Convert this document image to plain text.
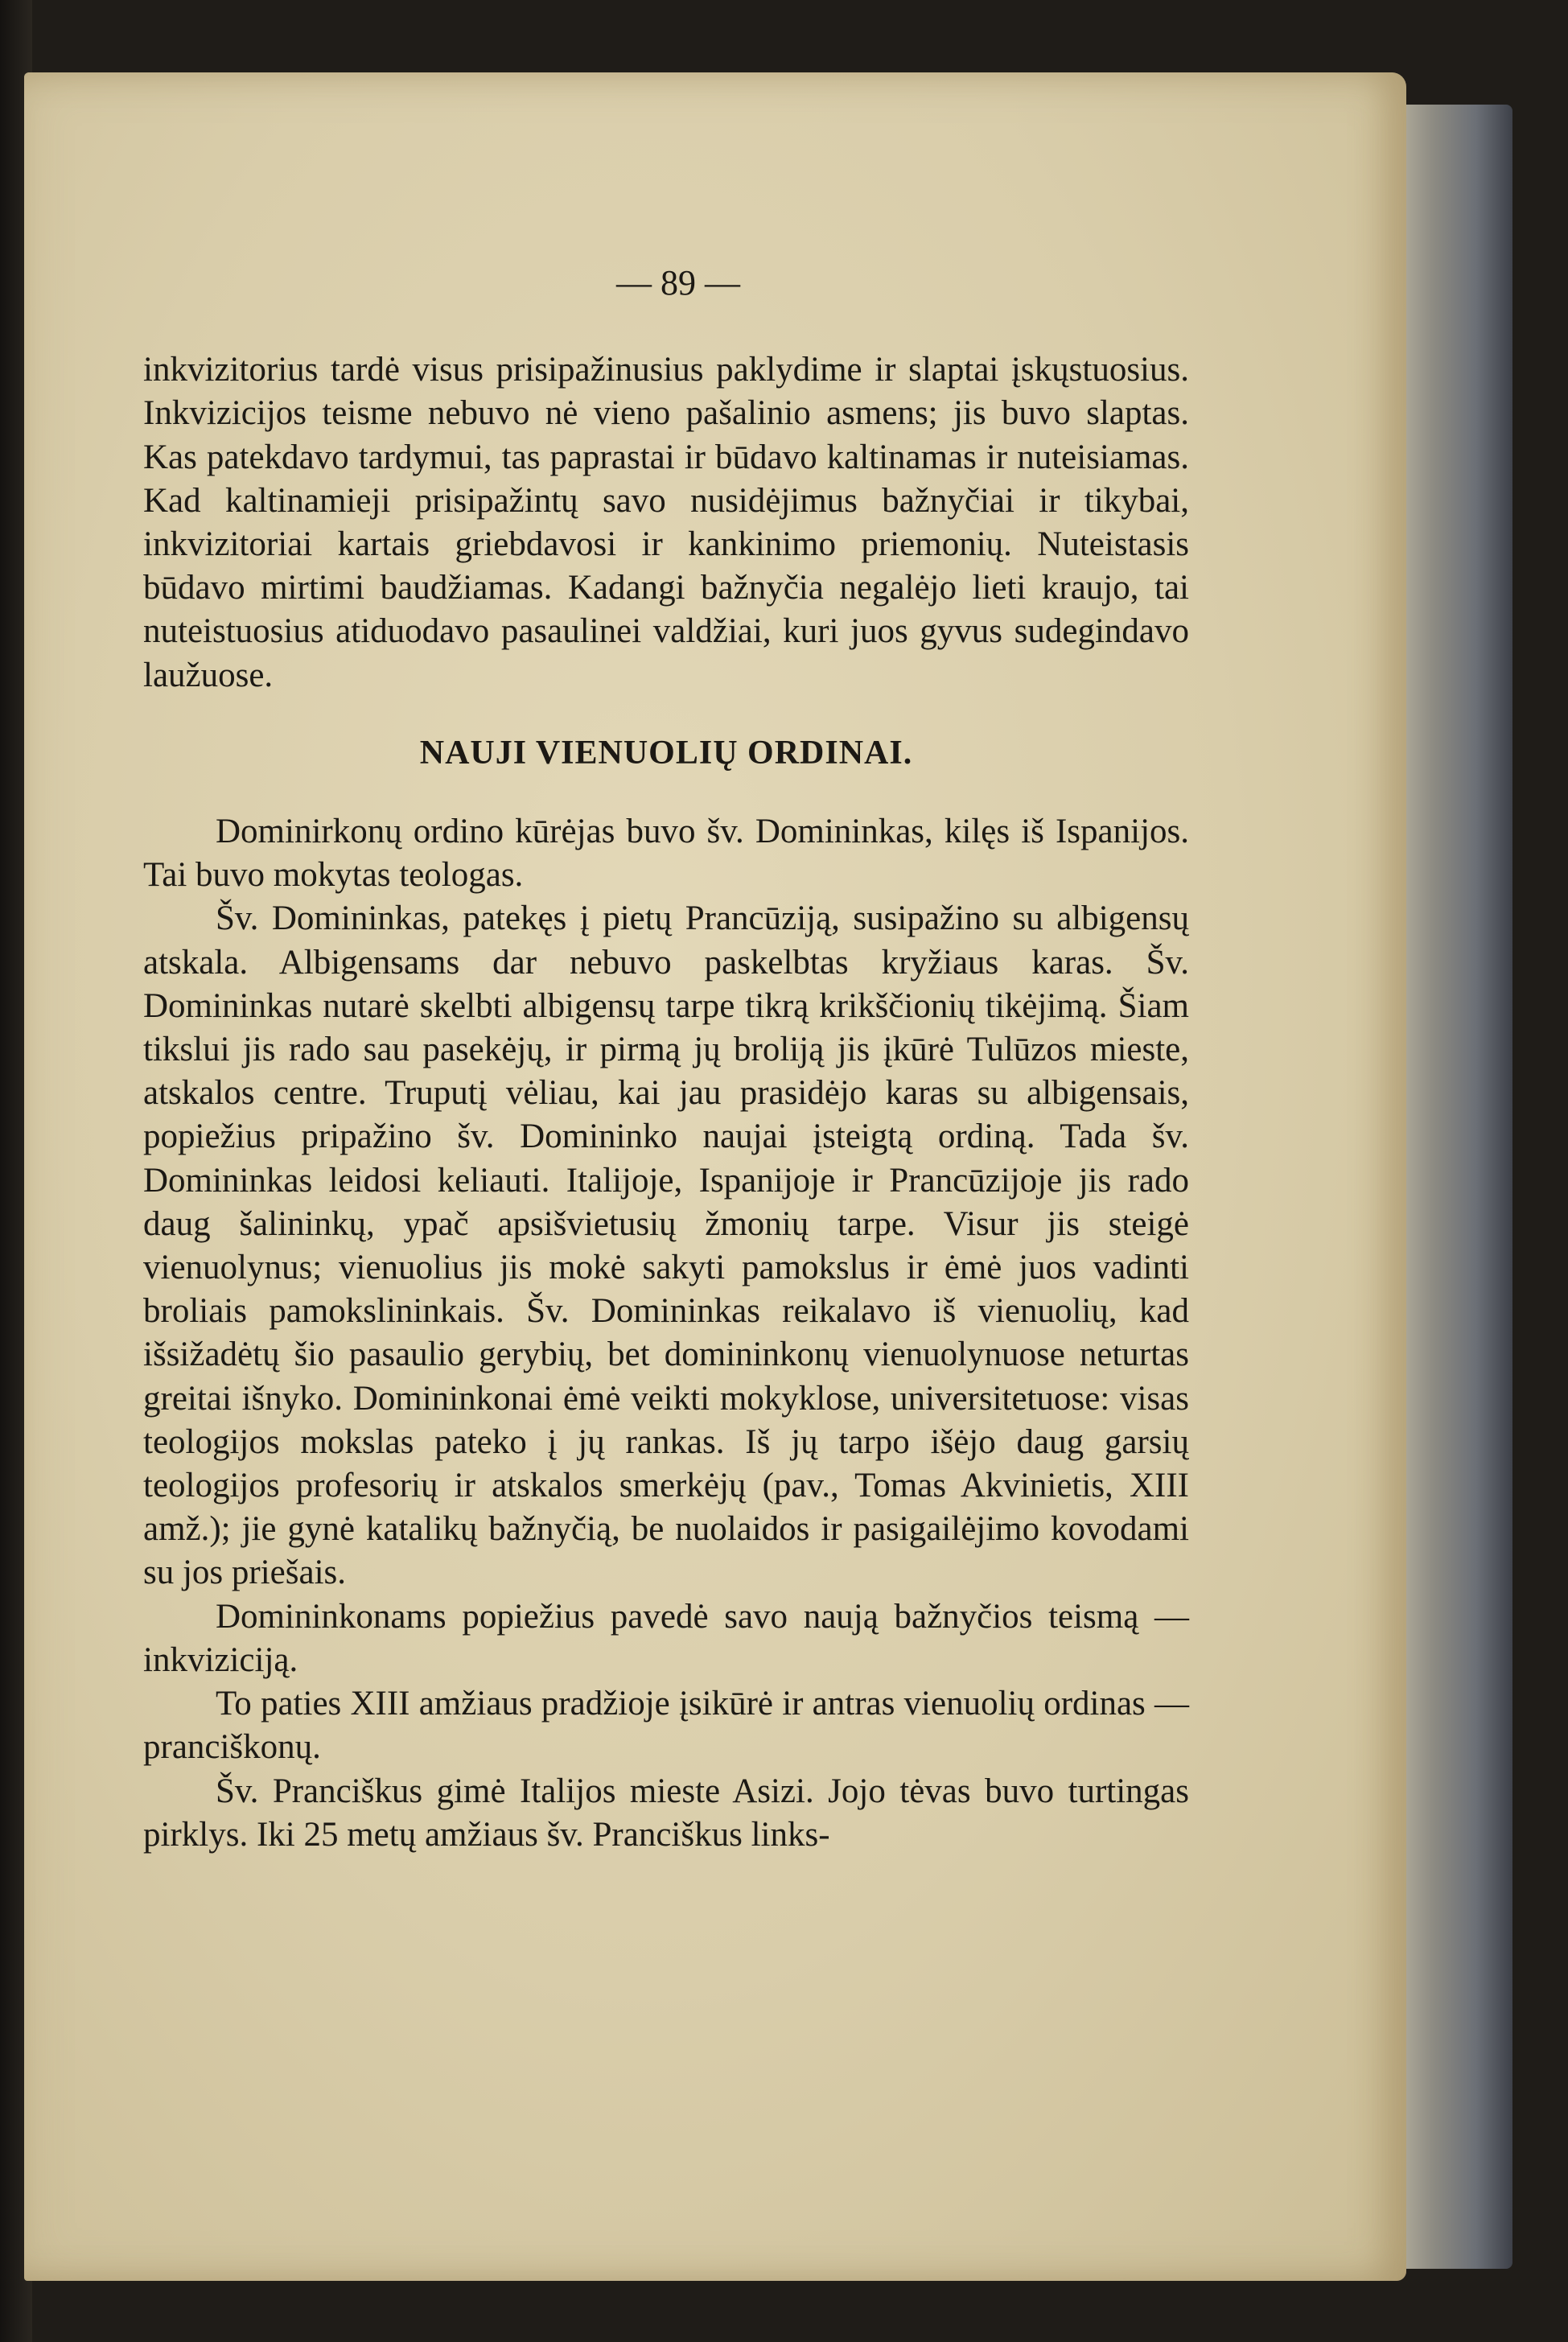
— 89 —

inkvizitorius tardė visus prisipažinusius paklydime ir slaptai įskųstuosius. Inkvizicijos teisme nebuvo nė vieno pašalinio asmens; jis buvo slaptas. Kas patekdavo tardymui, tas paprastai ir būdavo kaltinamas ir nuteisiamas. Kad kaltinamieji prisipažintų savo nusidėjimus bažnyčiai ir tikybai, inkvizitoriai kartais griebdavosi ir kankinimo priemonių. Nuteistasis būdavo mirtimi baudžiamas. Kadangi bažnyčia negalėjo lieti kraujo, tai nuteistuosius atiduodavo pasaulinei valdžiai, kuri juos gyvus sudegindavo laužuose.

NAUJI VIENUOLIŲ ORDINAI.

Dominirkonų ordino kūrėjas buvo šv. Domininkas, kilęs iš Ispanijos. Tai buvo mokytas teologas.

Šv. Domininkas, patekęs į pietų Prancūziją, susipažino su albigensų atskala. Albigensams dar nebuvo paskelbtas kryžiaus karas. Šv. Domininkas nutarė skelbti albigensų tarpe tikrą krikščionių tikėjimą. Šiam tikslui jis rado sau pasekėjų, ir pirmą jų broliją jis įkūrė Tulūzos mieste, atskalos centre. Truputį vėliau, kai jau prasidėjo karas su albigensais, popiežius pripažino šv. Domininko naujai įsteigtą ordiną. Tada šv. Domininkas leidosi keliauti. Italijoje, Ispanijoje ir Prancūzijoje jis rado daug šalininkų, ypač apsišvietusių žmonių tarpe. Visur jis steigė vienuolynus; vienuolius jis mokė sakyti pamokslus ir ėmė juos vadinti broliais pamokslininkais. Šv. Domininkas reikalavo iš vienuolių, kad išsižadėtų šio pasaulio gerybių, bet domininkonų vienuolynuose neturtas greitai išnyko. Domininkonai ėmė veikti mokyklose, universitetuose: visas teologijos mokslas pateko į jų rankas. Iš jų tarpo išėjo daug garsių teologijos profesorių ir atskalos smerkėjų (pav., Tomas Akvinietis, XIII amž.); jie gynė katalikų bažnyčią, be nuolaidos ir pasigailėjimo kovodami su jos priešais.

Domininkonams popiežius pavedė savo naują bažnyčios teismą — inkviziciją.

To paties XIII amžiaus pradžioje įsikūrė ir antras vienuolių ordinas — pranciškonų.

Šv. Pranciškus gimė Italijos mieste Asizi. Jojo tėvas buvo turtingas pirklys. Iki 25 metų amžiaus šv. Pranciškus links-
